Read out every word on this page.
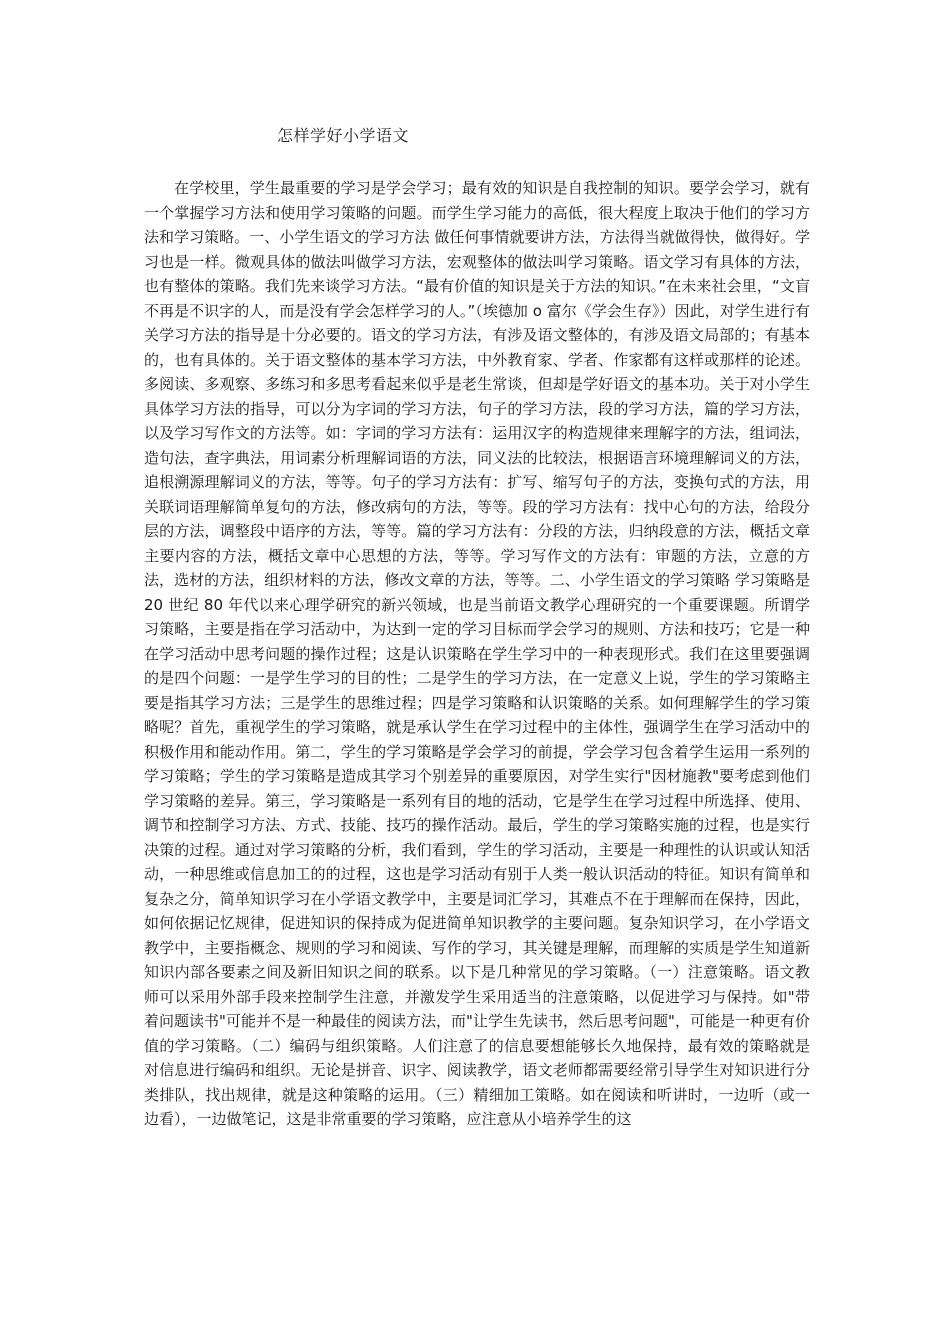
怎样学好小学语文

在学校里，学生最重要的学习是学会学习；最有效的知识是自我控制的知识。要学会学习，就有一个掌握学习方法和使用学习策略的问题。而学生学习能力的高低，很大程度上取决于他们的学习方法和学习策略。一、小学生语文的学习方法 做任何事情就要讲方法，方法得当就做得快，做得好。学习也是一样。微观具体的做法叫做学习方法，宏观整体的做法叫学习策略。语文学习有具体的方法，也有整体的策略。我们先来谈学习方法。“最有价值的知识是关于方法的知识。”在未来社会里，“文盲不再是不识字的人，而是没有学会怎样学习的人。”（埃德加 o 富尔《学会生存》）因此，对学生进行有关学习方法的指导是十分必要的。语文的学习方法，有涉及语文整体的，有涉及语文局部的；有基本的，也有具体的。关于语文整体的基本学习方法，中外教育家、学者、作家都有这样或那样的论述。多阅读、多观察、多练习和多思考看起来似乎是老生常谈，但却是学好语文的基本功。关于对小学生具体学习方法的指导，可以分为字词的学习方法，句子的学习方法，段的学习方法，篇的学习方法，以及学习写作文的方法等。如：字词的学习方法有：运用汉字的构造规律来理解字的方法，组词法，造句法，查字典法，用词素分析理解词语的方法，同义法的比较法，根据语言环境理解词义的方法，追根溯源理解词义的方法，等等。句子的学习方法有：扩写、缩写句子的方法，变换句式的方法，用关联词语理解简单复句的方法，修改病句的方法，等等。段的学习方法有：找中心句的方法，给段分层的方法，调整段中语序的方法，等等。篇的学习方法有：分段的方法，归纳段意的方法，概括文章主要内容的方法，概括文章中心思想的方法，等等。学习写作文的方法有：审题的方法，立意的方法，选材的方法，组织材料的方法，修改文章的方法，等等。二、小学生语文的学习策略 学习策略是 20 世纪 80 年代以来心理学研究的新兴领域，也是当前语文教学心理研究的一个重要课题。所谓学习策略，主要是指在学习活动中，为达到一定的学习目标而学会学习的规则、方法和技巧；它是一种在学习活动中思考问题的操作过程；这是认识策略在学生学习中的一种表现形式。我们在这里要强调的是四个问题：一是学生学习的目的性；二是学生的学习方法，在一定意义上说，学生的学习策略主要是指其学习方法；三是学生的思维过程；四是学习策略和认识策略的关系。如何理解学生的学习策略呢？首先，重视学生的学习策略，就是承认学生在学习过程中的主体性，强调学生在学习活动中的积极作用和能动作用。第二，学生的学习策略是学会学习的前提，学会学习包含着学生运用一系列的学习策略；学生的学习策略是造成其学习个别差异的重要原因，对学生实行"因材施教"要考虑到他们学习策略的差异。第三，学习策略是一系列有目的地的活动，它是学生在学习过程中所选择、使用、调节和控制学习方法、方式、技能、技巧的操作活动。最后，学生的学习策略实施的过程，也是实行决策的过程。通过对学习策略的分析，我们看到，学生的学习活动，主要是一种理性的认识或认知活动，一种思维或信息加工的的过程，这也是学习活动有别于人类一般认识活动的特征。知识有简单和复杂之分，简单知识学习在小学语文教学中，主要是词汇学习，其难点不在于理解而在保持，因此，如何依据记忆规律，促进知识的保持成为促进简单知识教学的主要问题。复杂知识学习，在小学语文教学中，主要指概念、规则的学习和阅读、写作的学习，其关键是理解，而理解的实质是学生知道新知识内部各要素之间及新旧知识之间的联系。以下是几种常见的学习策略。（一）注意策略。语文教师可以采用外部手段来控制学生注意，并激发学生采用适当的注意策略，以促进学习与保持。如"带着问题读书"可能并不是一种最佳的阅读方法，而"让学生先读书，然后思考问题"，可能是一种更有价值的学习策略。（二）编码与组织策略。人们注意了的信息要想能够长久地保持，最有效的策略就是对信息进行编码和组织。无论是拼音、识字、阅读教学，语文老师都需要经常引导学生对知识进行分类排队，找出规律，就是这种策略的运用。（三）精细加工策略。如在阅读和听讲时，一边听（或一边看），一边做笔记，这是非常重要的学习策略，应注意从小培养学生的这
